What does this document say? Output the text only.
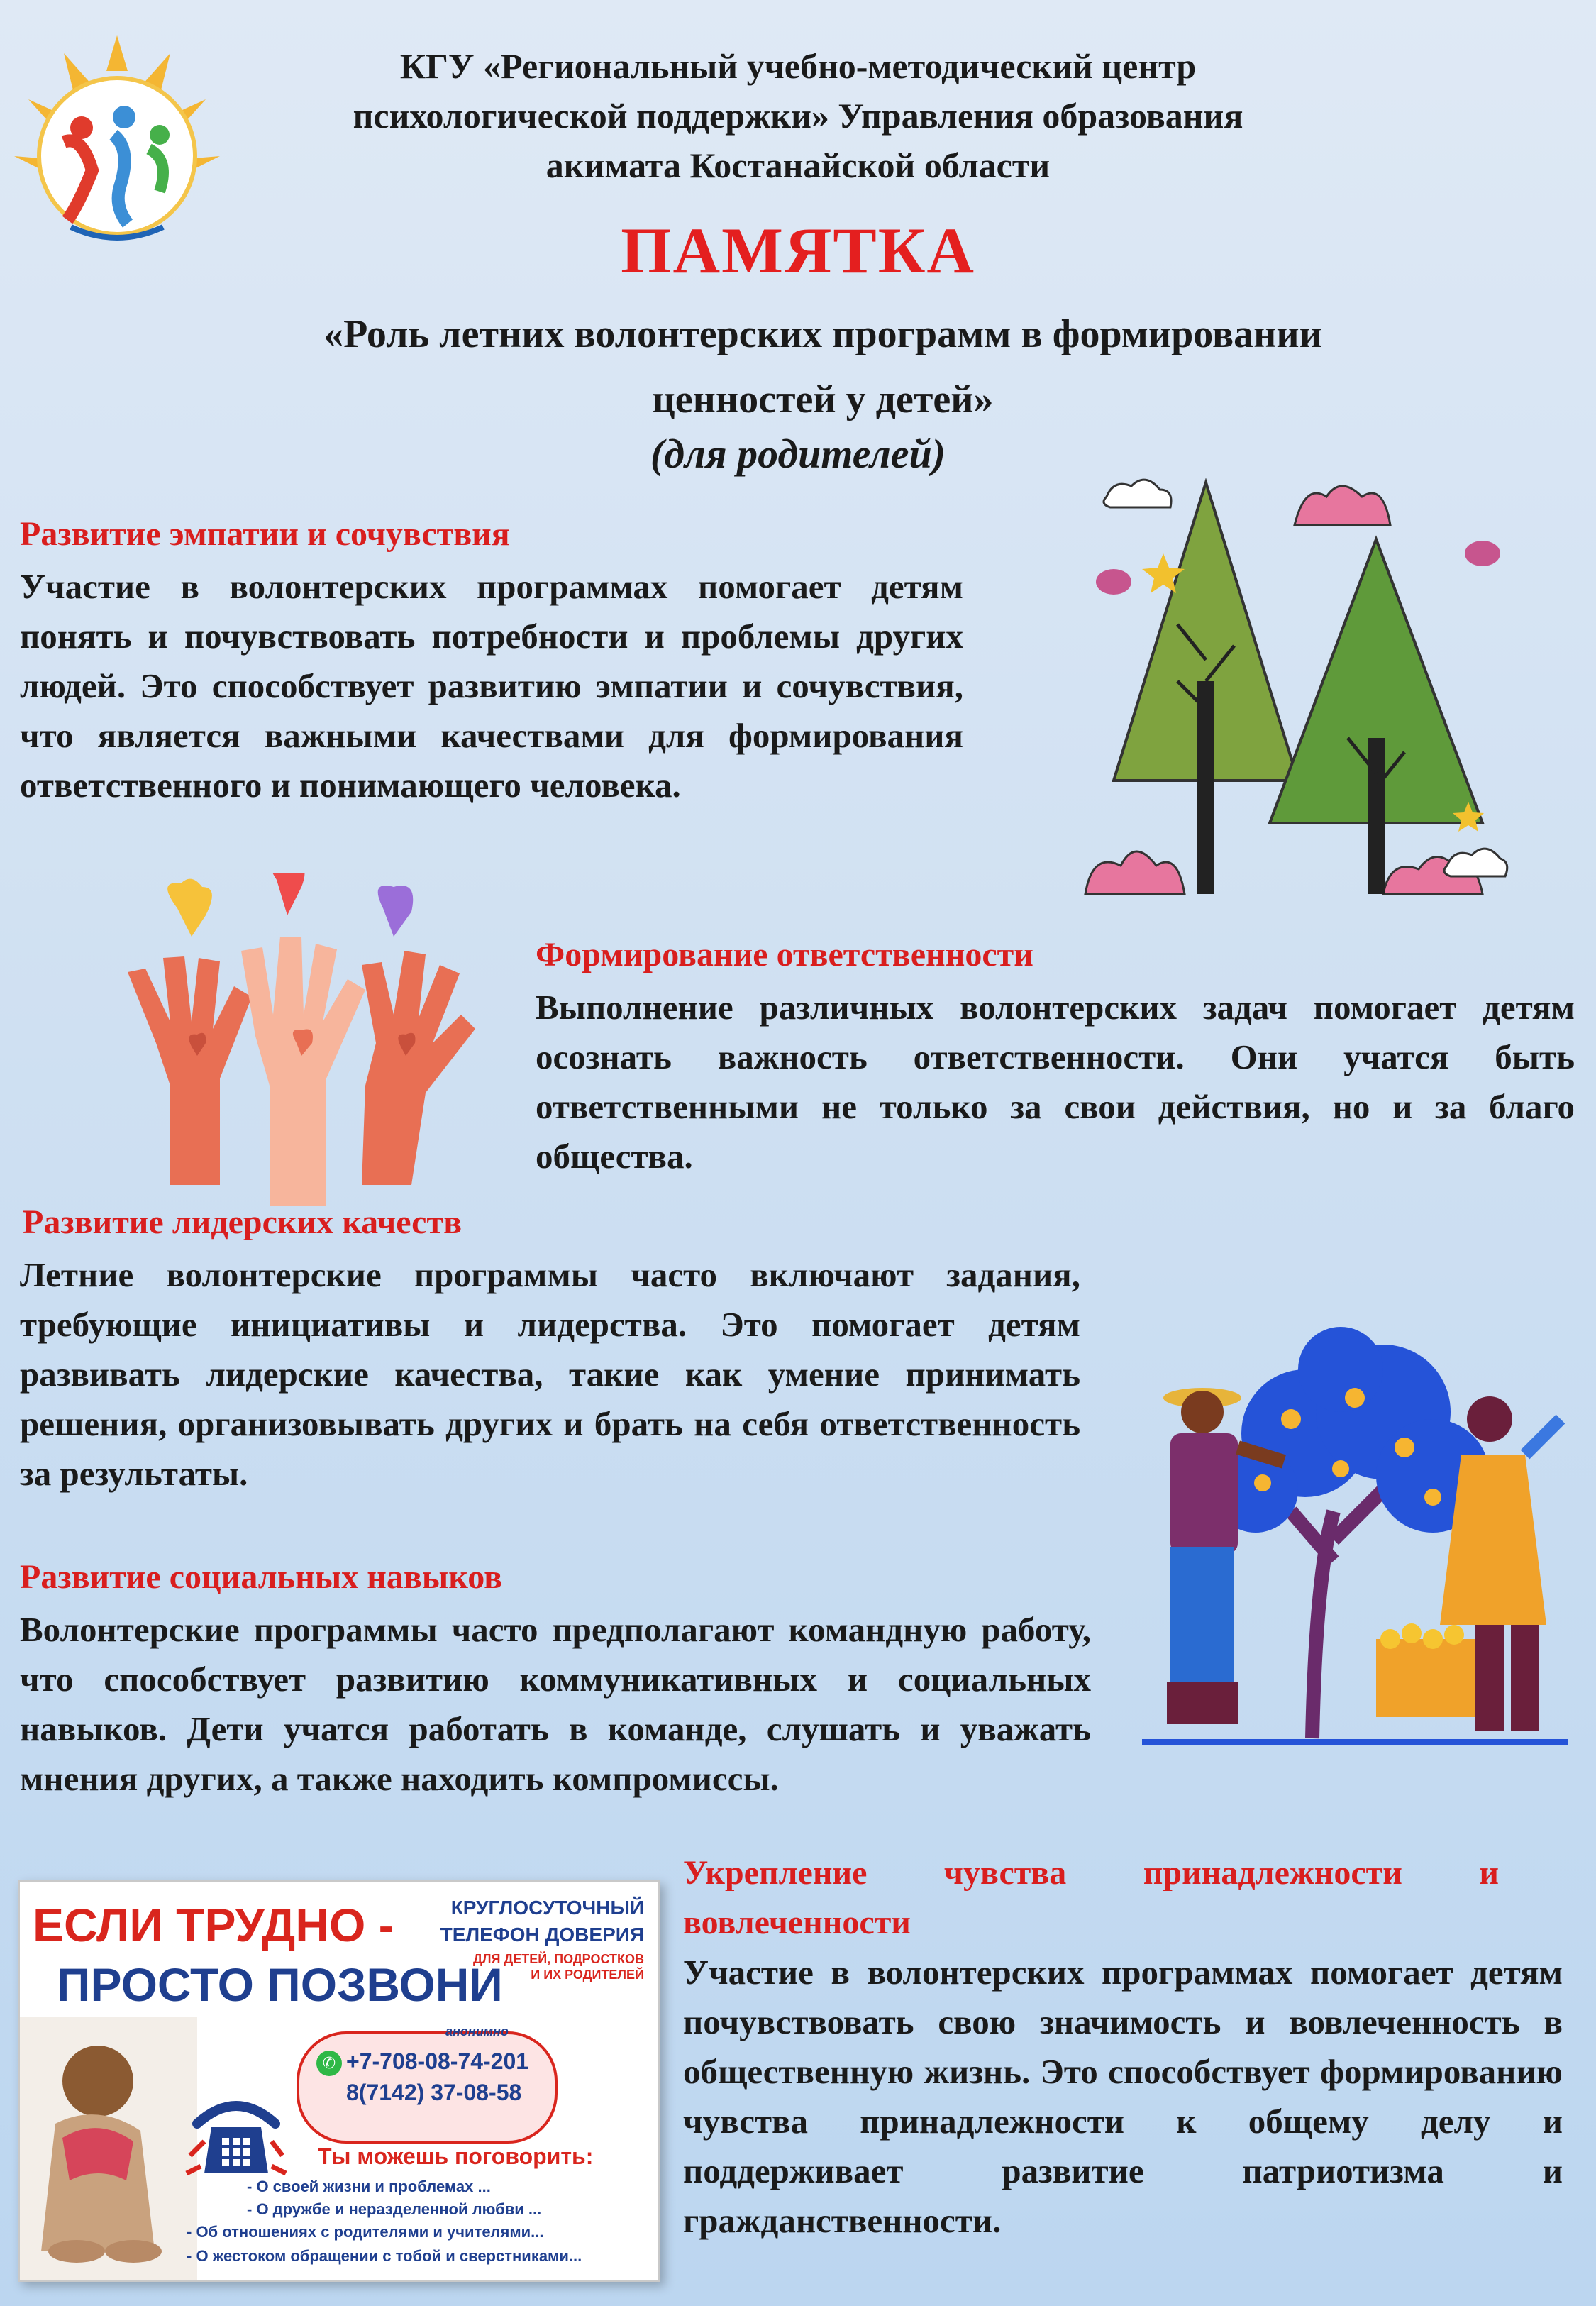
КГУ «Региональный учебно-методический центр
психологической поддержки» Управления образования
акимата Костанайской области
ПАМЯТКА
«Роль летних волонтерских программ в формировании
ценностей у детей»
(для родителей)
Развитие эмпатии и сочувствия
Участие в волонтерских программах помогает детям понять и почувствовать потребности и проблемы других людей. Это способствует развитию эмпатии и сочувствия, что является важными качествами для формирования ответственного и понимающего человека.
Формирование ответственности
Выполнение различных волонтерских задач помогает детям осознать важность ответственности. Они учатся быть ответственными не только за свои действия, но и за благо общества.
Развитие лидерских качеств
Летние волонтерские программы часто включают задания, требующие инициативы и лидерства. Это помогает детям развивать лидерские качества, такие как умение принимать решения, организовывать других и брать на себя ответственность за результаты.
Развитие социальных навыков
Волонтерские программы часто предполагают командную работу, что способствует развитию коммуникативных и социальных навыков. Дети учатся работать в команде, слушать и уважать мнения других, а также находить компромиссы.
Укрепление чувства принадлежности и вовлеченности
Участие в волонтерских программах помогает детям почувствовать свою значимость и вовлеченность в общественную жизнь. Это способствует формированию чувства принадлежности к общему делу и поддерживает развитие патриотизма и гражданственности.
ЕСЛИ ТРУДНО -
ПРОСТО ПОЗВОНИ
КРУГЛОСУТОЧНЫЙ
ТЕЛЕФОН ДОВЕРИЯ
ДЛЯ ДЕТЕЙ, ПОДРОСТКОВ
И ИХ РОДИТЕЛЕЙ
анонимно
✆ +7-708-08-74-201
8(7142) 37-08-58
Ты можешь поговорить:
- О своей жизни и проблемах ...
- О дружбе и неразделенной любви ...
- Об отношениях с родителями и учителями...
- О жестоком обращении с тобой и сверстниками...
